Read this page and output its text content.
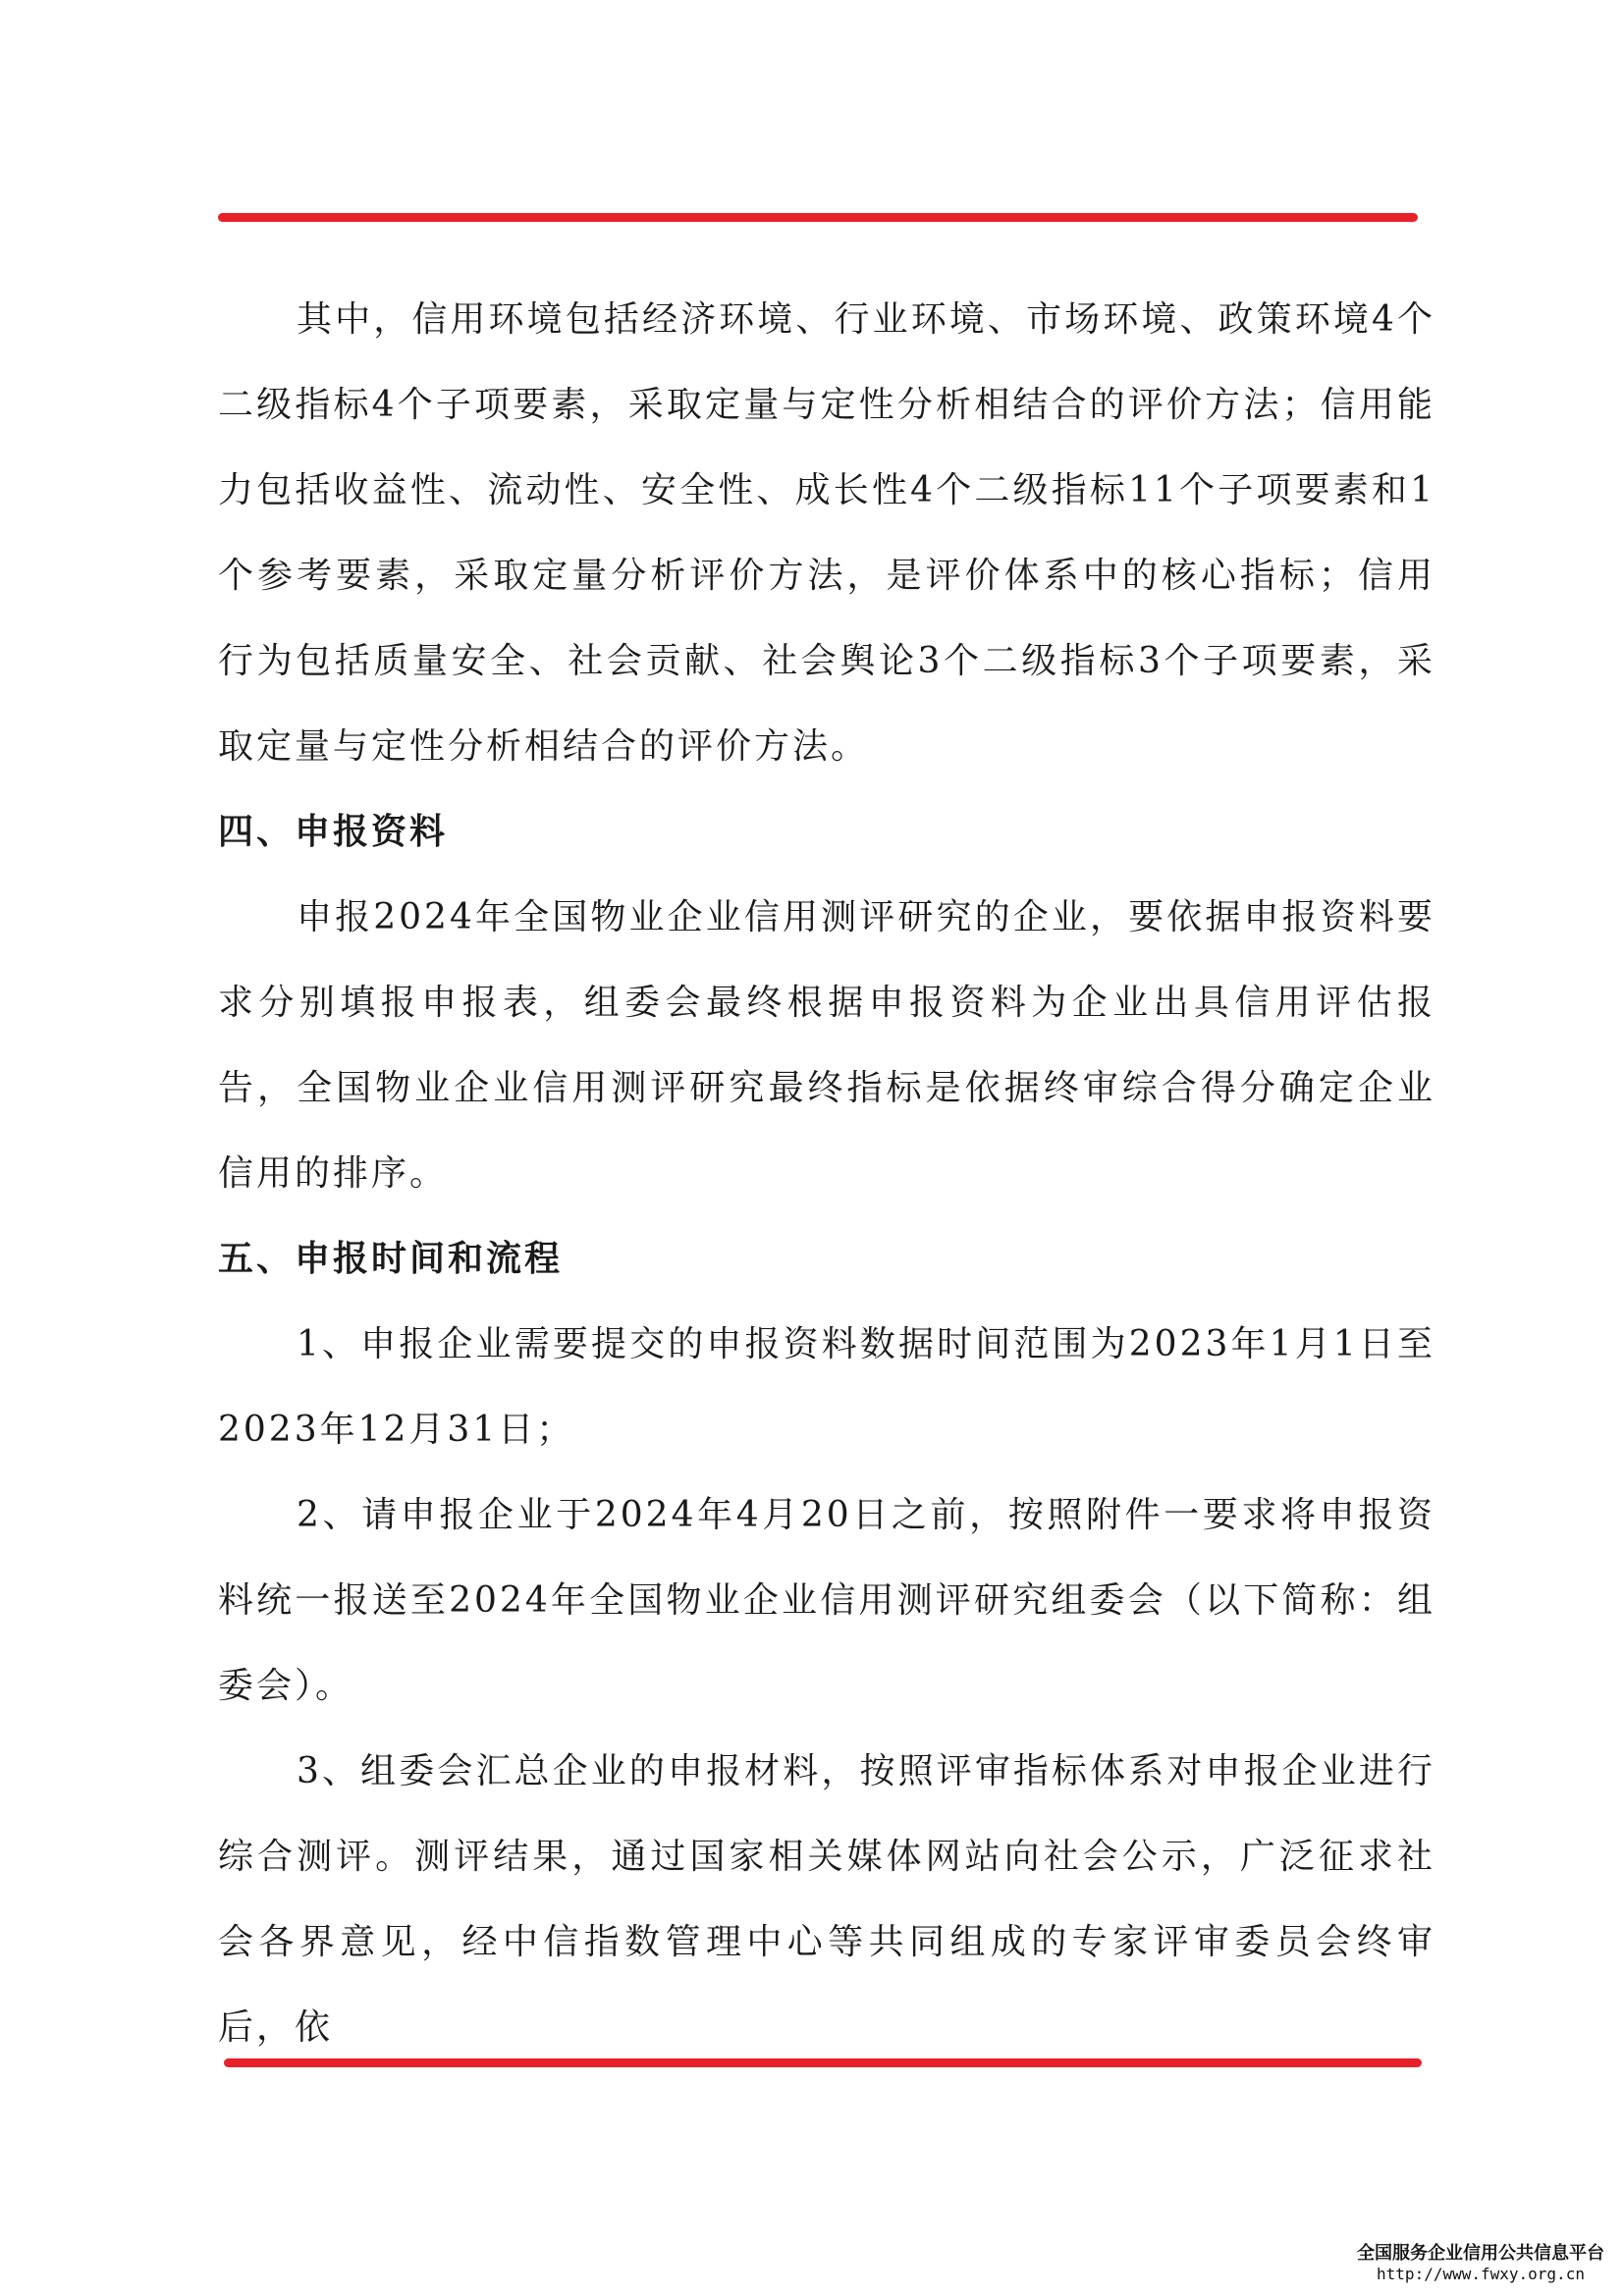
其中，信用环境包括经济环境、行业环境、市场环境、政策环境4个二级指标4个子项要素，采取定量与定性分析相结合的评价方法；信用能力包括收益性、流动性、安全性、成长性4个二级指标11个子项要素和1个参考要素，采取定量分析评价方法，是评价体系中的核心指标；信用行为包括质量安全、社会贡献、社会舆论3个二级指标3个子项要素，采取定量与定性分析相结合的评价方法。

四、申报资料

申报2024年全国物业企业信用测评研究的企业，要依据申报资料要求分别填报申报表，组委会最终根据申报资料为企业出具信用评估报告，全国物业企业信用测评研究最终指标是依据终审综合得分确定企业信用的排序。

五、申报时间和流程

1、申报企业需要提交的申报资料数据时间范围为2023年1月1日至2023年12月31日；

2、请申报企业于2024年4月20日之前，按照附件一要求将申报资料统一报送至2024年全国物业企业信用测评研究组委会（以下简称：组委会）。

3、组委会汇总企业的申报材料，按照评审指标体系对申报企业进行综合测评。测评结果，通过国家相关媒体网站向社会公示，广泛征求社会各界意见，经中信指数管理中心等共同组成的专家评审委员会终审后，依

全国服务企业信用公共信息平台
http://www.fwxy.org.cn
